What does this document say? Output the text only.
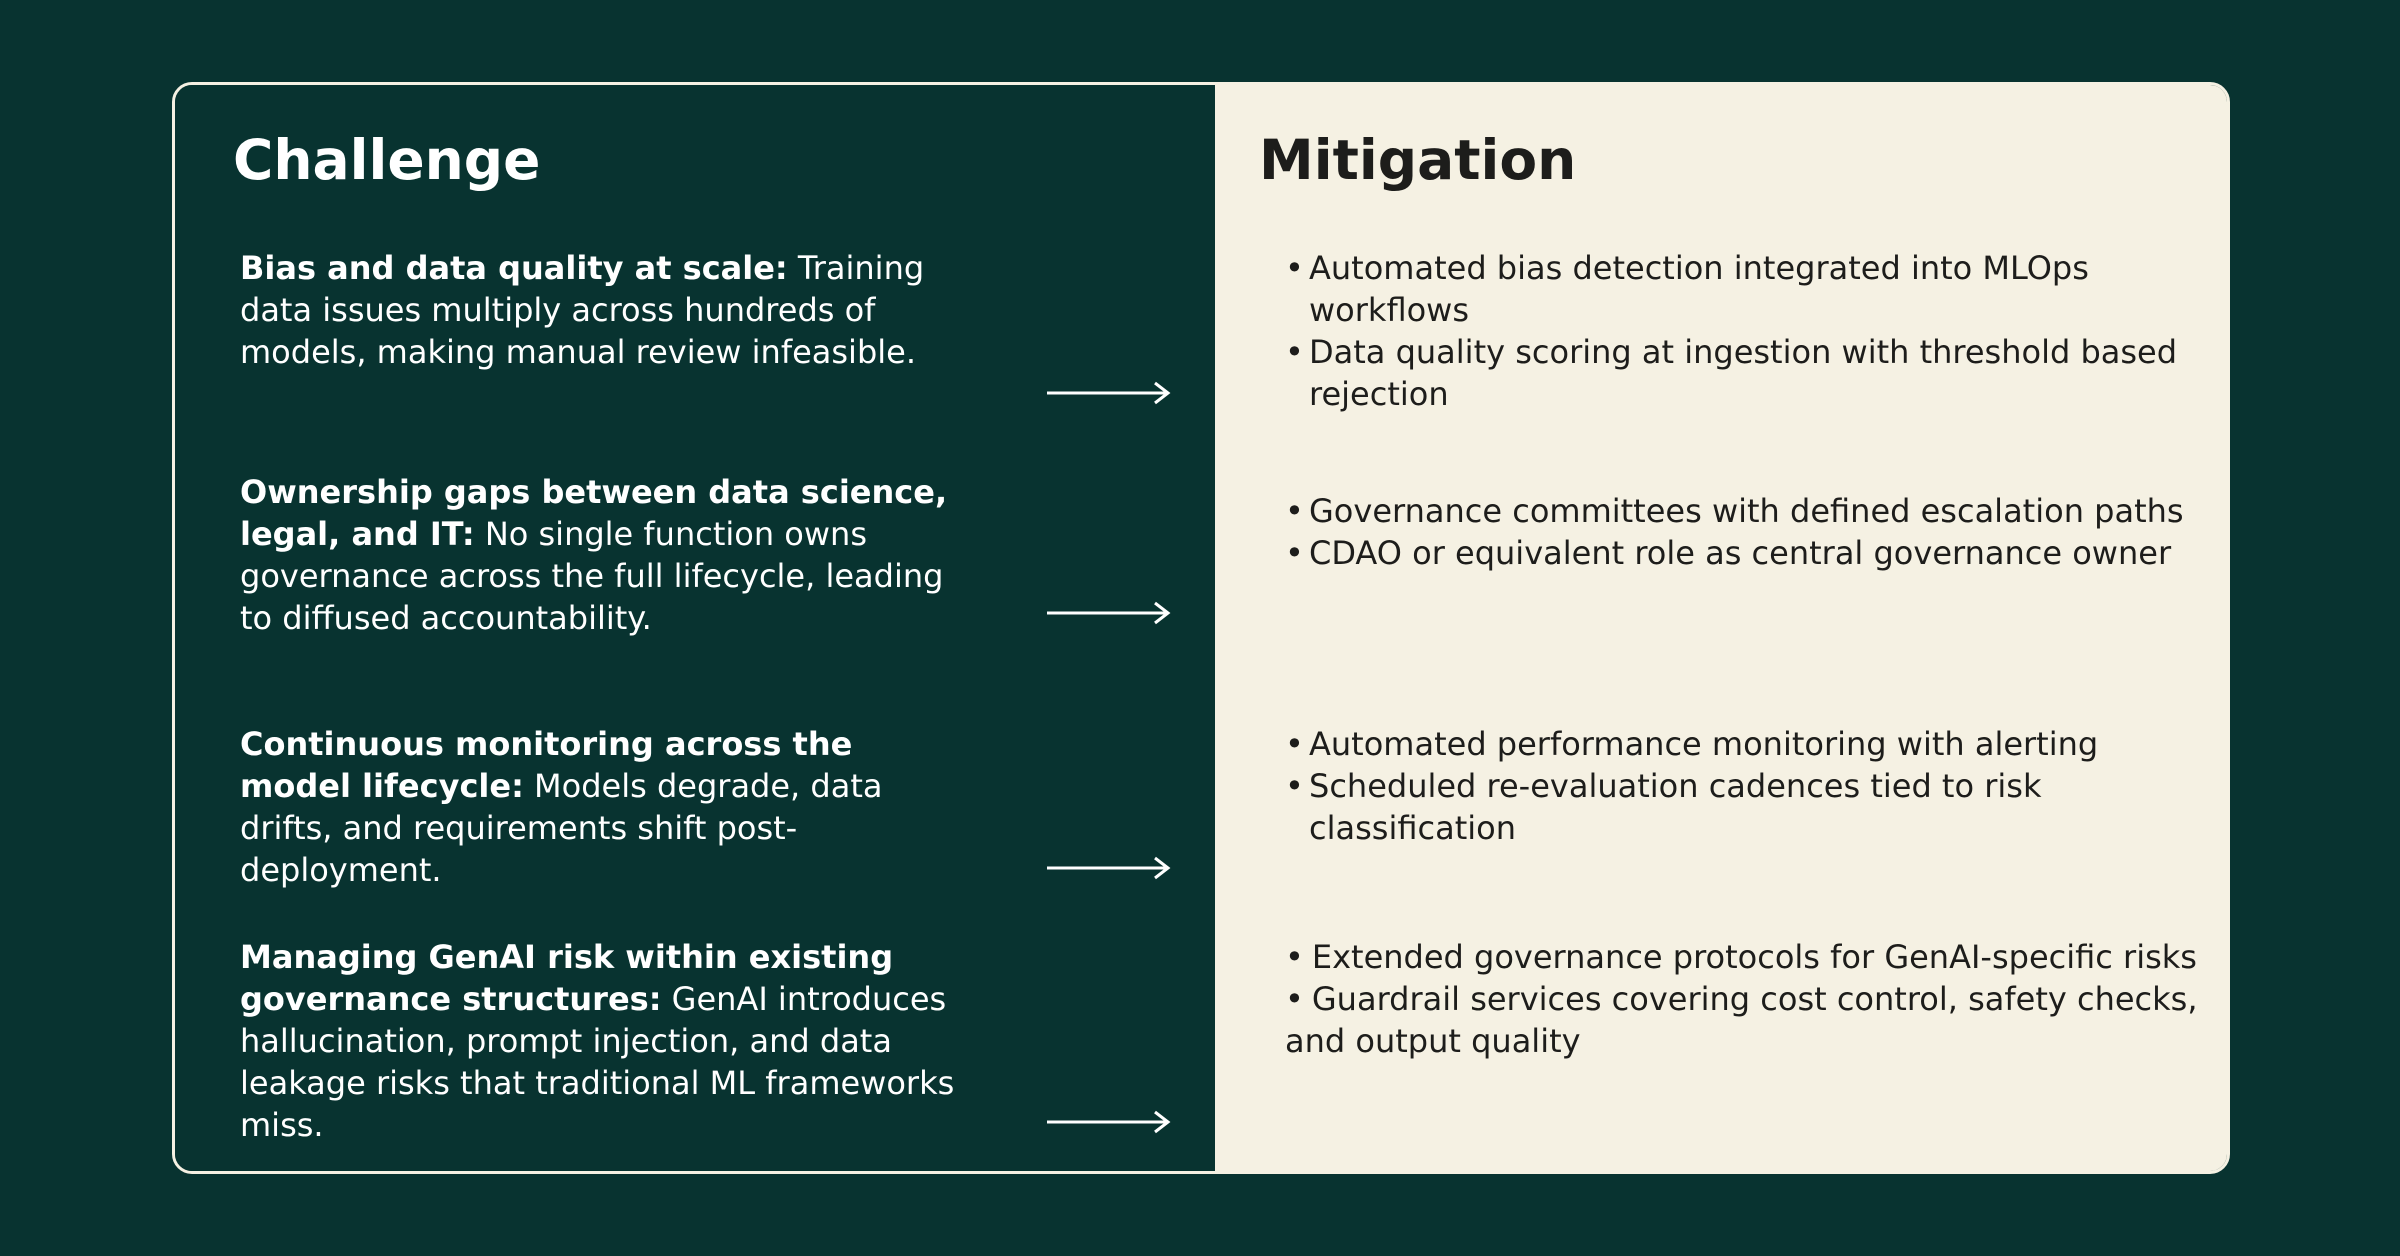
Challenge

Bias and data quality at scale: Training data issues multiply across hundreds of models, making manual review infeasible.

Ownership gaps between data science, legal, and IT: No single function owns governance across the full lifecycle, leading to diffused accountability.

Continuous monitoring across the model lifecycle: Models degrade, data drifts, and requirements shift post-deployment.

Managing GenAI risk within existing governance structures: GenAI introduces hallucination, prompt injection, and data leakage risks that traditional ML frameworks miss.

Mitigation
• Automated bias detection integrated into MLOps workflows
• Data quality scoring at ingestion with threshold based rejection
• Governance committees with defined escalation paths
• CDAO or equivalent role as central governance owner
• Automated performance monitoring with alerting
• Scheduled re-evaluation cadences tied to risk classification
• Extended governance protocols for GenAI-specific risks
• Guardrail services covering cost control, safety checks, and output quality
